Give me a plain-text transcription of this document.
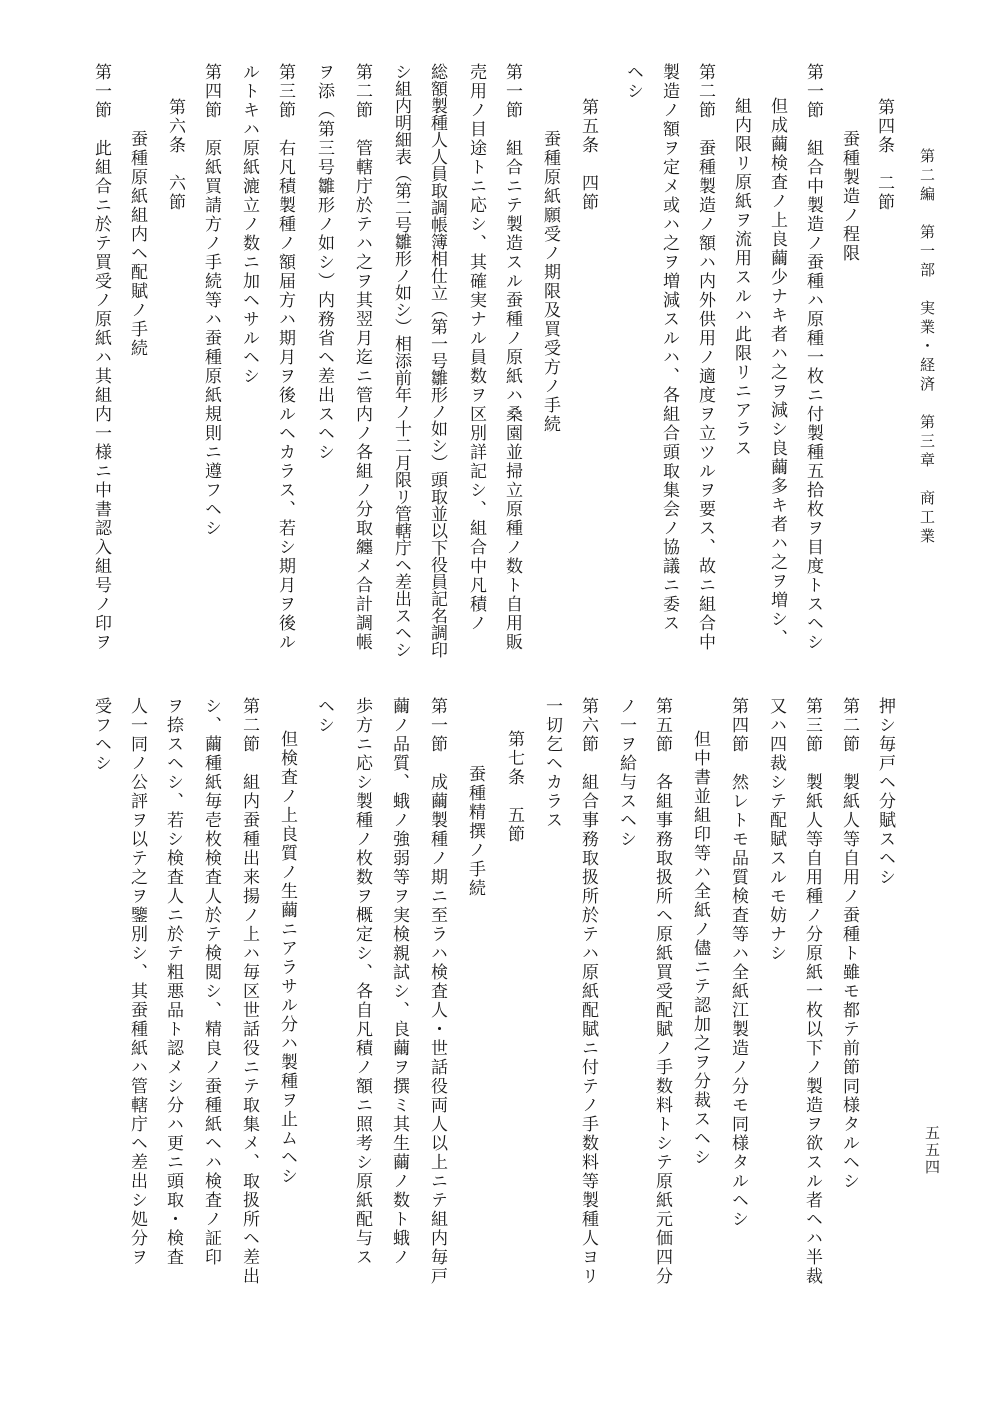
第二編　第一部　実業・経済　第三章　商工業
五五四
第四条　二節
蚕種製造ノ程限
第一節　組合中製造ノ蚕種ハ原種一枚ニ付製種五拾枚ヲ目度トスヘシ
但成繭検査ノ上良繭少ナキ者ハ之ヲ減シ良繭多キ者ハ之ヲ増シ、
組内限リ原紙ヲ流用スルハ此限リニアラス
第二節　蚕種製造ノ額ハ内外供用ノ適度ヲ立ツルヲ要ス、故ニ組合中
製造ノ額ヲ定メ或ハ之ヲ増減スルハ、各組合頭取集会ノ協議ニ委ス
ヘシ
第五条　四節
蚕種原紙願受ノ期限及買受方ノ手続
第一節　組合ニテ製造スル蚕種ノ原紙ハ桑園並掃立原種ノ数ト自用販
売用ノ目途トニ応シ、其確実ナル員数ヲ区別詳記シ、組合中凡積ノ
総額製種人人員取調帳簿相仕立（第一号雛形ノ如シ）頭取並以下役員記名調印
シ組内明細表（第二号雛形ノ如シ）相添前年ノ十二月限リ管轄庁ヘ差出スヘシ
第二節　管轄庁於テハ之ヲ其翌月迄ニ管内ノ各組ノ分取纏メ合計調帳
ヲ添（第三号雛形ノ如シ）内務省ヘ差出スヘシ
第三節　右凡積製種ノ額届方ハ期月ヲ後ルヘカラス、若シ期月ヲ後ル
ルトキハ原紙漉立ノ数ニ加ヘサルヘシ
第四節　原紙買請方ノ手続等ハ蚕種原紙規則ニ遵フヘシ
第六条　六節
蚕種原紙組内ヘ配賦ノ手続
第一節　此組合ニ於テ買受ノ原紙ハ其組内一様ニ中書認入組号ノ印ヲ
押シ毎戸ヘ分賦スヘシ
第二節　製紙人等自用ノ蚕種ト雖モ都テ前節同様タルヘシ
第三節　製紙人等自用種ノ分原紙一枚以下ノ製造ヲ欲スル者ヘハ半裁
又ハ四裁シテ配賦スルモ妨ナシ
第四節　然レトモ品質検査等ハ全紙江製造ノ分モ同様タルヘシ
但中書並組印等ハ全紙ノ儘ニテ認加之ヲ分裁スヘシ
第五節　各組事務取扱所ヘ原紙買受配賦ノ手数料トシテ原紙元価四分
ノ一ヲ給与スヘシ
第六節　組合事務取扱所於テハ原紙配賦ニ付テノ手数料等製種人ヨリ
一切乞ヘカラス
第七条　五節
蚕種精撰ノ手続
第一節　成繭製種ノ期ニ至ラハ検査人・世話役両人以上ニテ組内毎戸
繭ノ品質、蛾ノ強弱等ヲ実検親試シ、良繭ヲ撰ミ其生繭ノ数ト蛾ノ
歩方ニ応シ製種ノ枚数ヲ概定シ、各自凡積ノ額ニ照考シ原紙配与ス
ヘシ
但検査ノ上良質ノ生繭ニアラサル分ハ製種ヲ止ムヘシ
第二節　組内蚕種出来揚ノ上ハ毎区世話役ニテ取集メ、取扱所ヘ差出
シ、繭種紙毎壱枚検査人於テ検閲シ、精良ノ蚕種紙ヘハ検査ノ証印
ヲ捺スヘシ、若シ検査人ニ於テ粗悪品ト認メシ分ハ更ニ頭取・検査
人一同ノ公評ヲ以テ之ヲ鑒別シ、其蚕種紙ハ管轄庁ヘ差出シ処分ヲ
受フヘシ
